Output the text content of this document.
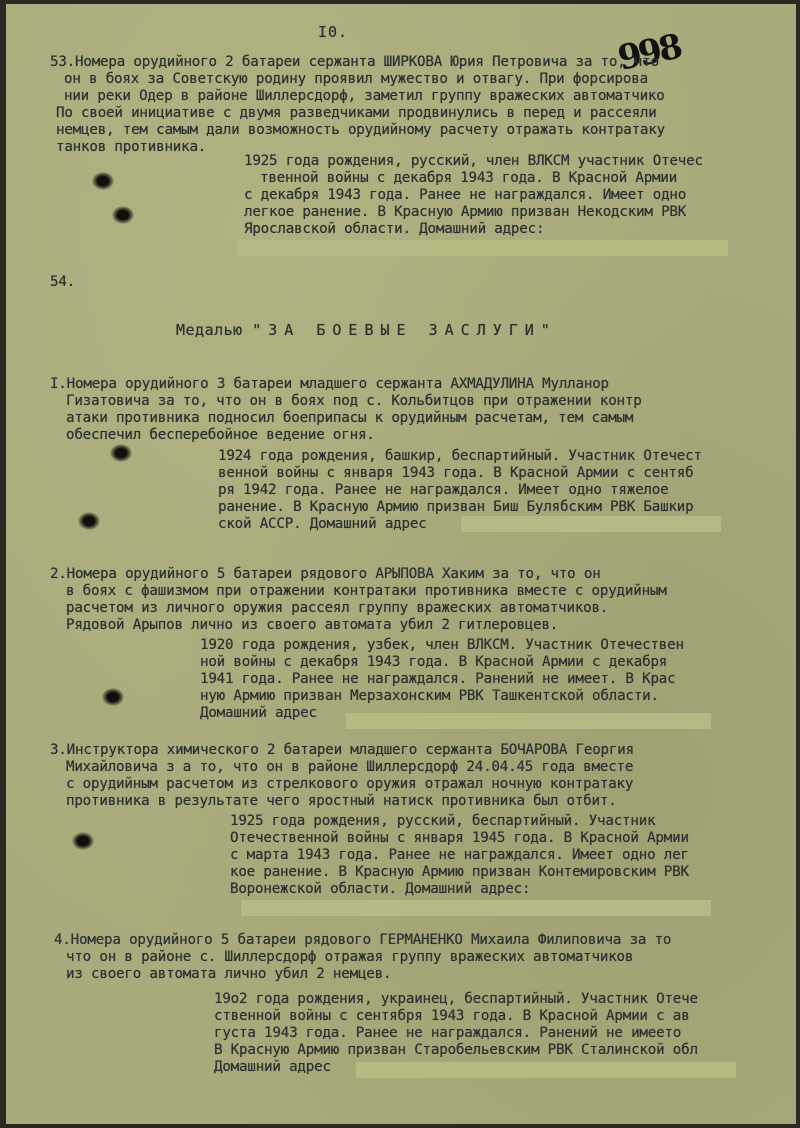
I0.	998
53.Номера орудийного 2 батареи сержанта ШИРКОВА Юрия Петровича за то, что
он в боях за Советскую родину проявил мужество и отвагу. При форсирова
нии реки Одер в районе Шиллерсдорф, заметил группу вражеских автоматчико
По своей инициативе с двумя разведчиками продвинулись в перед и рассеяли
немцев, тем самым дали возможность орудийному расчету отражать контратаку
танков противника.
1925 года рождения, русский, член ВЛКСМ участник Отечес
твенной войны с декабря 1943 года. В Красной Армии
с декабря 1943 года. Ранее не награждался. Имеет одно
легкое ранение. В Красную Армию призван Некодским РВК
Ярославской области. Домашний адрес:
54.
Медалью "ЗА БОЕВЫЕ ЗАСЛУГИ"
I.Номера орудийного 3 батареи младшего сержанта АХМАДУЛИНА Мулланор
Гизатовича за то, что он в боях под с. Кольбитцов при отражении контр
атаки противника подносил боеприпасы к орудийным расчетам, тем самым
обеспечил бесперебойное ведение огня.
1924 года рождения, башкир, беспартийный. Участник Отечест
венной войны с января 1943 года. В Красной Армии с сентяб
ря 1942 года. Ранее не награждался. Имеет одно тяжелое
ранение. В Красную Армию призван Биш Булябским РВК Башкир
ской АССР. Домашний адрес
2.Номера орудийного 5 батареи рядового АРЫПОВА Хаким за то, что он
в боях с фашизмом при отражении контратаки противника вместе с орудийным
расчетом из личного оружия рассеял группу вражеских автоматчиков.
Рядовой Арыпов лично из своего автомата убил 2 гитлеровцев.
1920 года рождения, узбек, член ВЛКСМ. Участник Отечествен
ной войны с декабря 1943 года. В Красной Армии с декабря
1941 года. Ранее не награждался. Ранений не имеет. В Крас
ную Армию призван Мерзахонским РВК Ташкентской области.
Домашний адрес
3.Инструктора химического 2 батареи младшего сержанта БОЧАРОВА Георгия
Михайловича з а то, что он в районе Шиллерсдорф 24.04.45 года вместе
с орудийным расчетом из стрелкового оружия отражал ночную контратаку
противника в результате чего яростный натиск противника был отбит.
1925 года рождения, русский, беспартийный. Участник
Отечественной войны с января 1945 года. В Красной Армии
с марта 1943 года. Ранее не награждался. Имеет одно лег
кое ранение. В Красную Армию призван Контемировским РВК
Воронежской области. Домашний адрес:
4.Номера орудийного 5 батареи рядового ГЕРМАНЕНКО Михаила Филиповича за то
что он в районе с. Шиллерсдорф отражая группу вражеских автоматчиков
из своего автомата лично убил 2 немцев.
19о2 года рождения, украинец, беспартийный. Участник Отече
ственной войны с сентября 1943 года. В Красной Армии с ав
густа 1943 года. Ранее не награждался. Ранений не имеето
В Красную Армию призван Старобельевским РВК Сталинской обл
Домашний адрес
